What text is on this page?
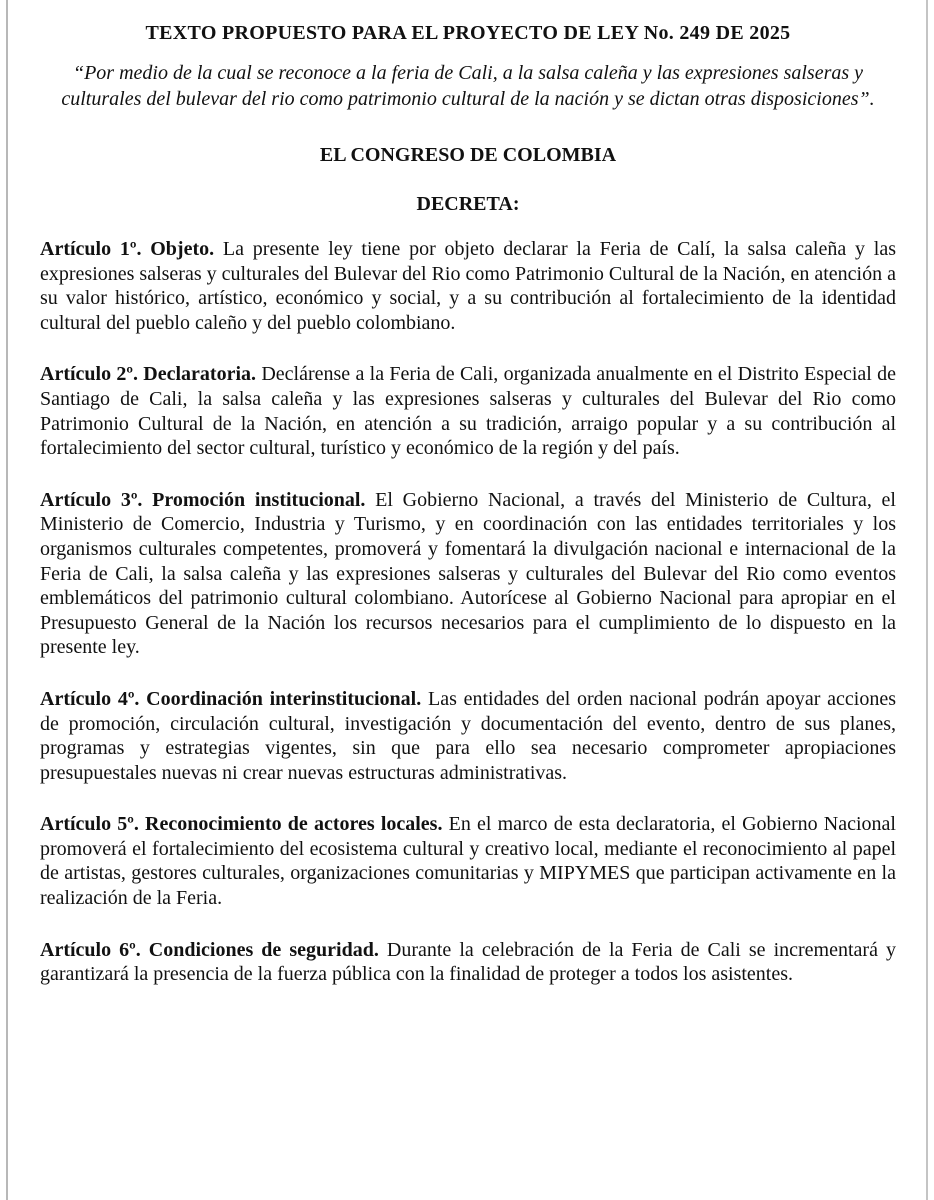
TEXTO PROPUESTO PARA EL PROYECTO DE LEY No. 249 DE 2025
“Por medio de la cual se reconoce a la feria de Cali, a la salsa caleña y las expresiones salseras y culturales del bulevar del rio como patrimonio cultural de la nación y se dictan otras disposiciones”.
EL CONGRESO DE COLOMBIA
DECRETA:

Artículo 1º. Objeto. La presente ley tiene por objeto declarar la Feria de Calí, la salsa caleña y las expresiones salseras y culturales del Bulevar del Rio como Patrimonio Cultural de la Nación, en atención a su valor histórico, artístico, económico y social, y a su contribución al fortalecimiento de la identidad cultural del pueblo caleño y del pueblo colombiano.

Artículo 2º. Declaratoria. Declárense a la Feria de Cali, organizada anualmente en el Distrito Especial de Santiago de Cali, la salsa caleña y las expresiones salseras y culturales del Bulevar del Rio como Patrimonio Cultural de la Nación, en atención a su tradición, arraigo popular y a su contribución al fortalecimiento del sector cultural, turístico y económico de la región y del país.

Artículo 3º. Promoción institucional. El Gobierno Nacional, a través del Ministerio de Cultura, el Ministerio de Comercio, Industria y Turismo, y en coordinación con las entidades territoriales y los organismos culturales competentes, promoverá y fomentará la divulgación nacional e internacional de la Feria de Cali, la salsa caleña y las expresiones salseras y culturales del Bulevar del Rio como eventos emblemáticos del patrimonio cultural colombiano. Autorícese al Gobierno Nacional para apropiar en el Presupuesto General de la Nación los recursos necesarios para el cumplimiento de lo dispuesto en la presente ley.

Artículo 4º. Coordinación interinstitucional. Las entidades del orden nacional podrán apoyar acciones de promoción, circulación cultural, investigación y documentación del evento, dentro de sus planes, programas y estrategias vigentes, sin que para ello sea necesario comprometer apropiaciones presupuestales nuevas ni crear nuevas estructuras administrativas.

Artículo 5º. Reconocimiento de actores locales. En el marco de esta declaratoria, el Gobierno Nacional promoverá el fortalecimiento del ecosistema cultural y creativo local, mediante el reconocimiento al papel de artistas, gestores culturales, organizaciones comunitarias y MIPYMES que participan activamente en la realización de la Feria.

Artículo 6º. Condiciones de seguridad. Durante la celebración de la Feria de Cali se incrementará y garantizará la presencia de la fuerza pública con la finalidad de proteger a todos los asistentes.
